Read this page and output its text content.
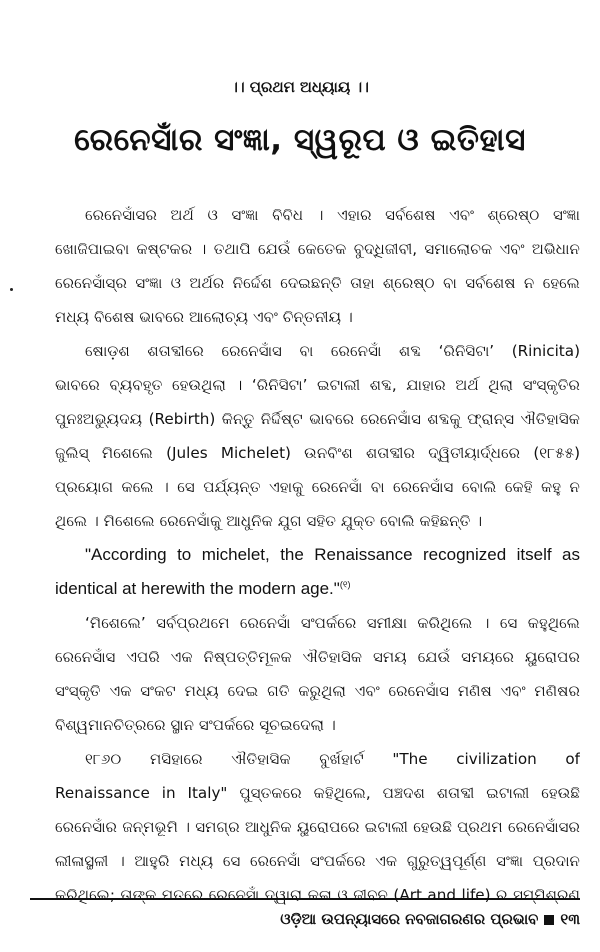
।। ପ୍ରଥମ ଅଧ୍ୟାୟ ।।
ରେନେସାଁର ସଂଜ୍ଞା, ସ୍ୱରୂପ ଓ ଇତିହାସ
ରେନେସାଁସର ଅର୍ଥ ଓ ସଂଜ୍ଞା ବିବିଧ । ଏହାର ସର୍ବଶେଷ ଏବଂ ଶ୍ରେଷ୍ଠ ସଂଜ୍ଞା
ଖୋଜିପାଇବା କଷ୍ଟକର । ତଥାପି ଯେଉଁ କେତେକ ବୁଦ୍ଧିଜୀବୀ, ସମାଲୋଚକ ଏବଂ ଅଭିଧାନ
ରେନେସାଁସ୍‌ର ସଂଜ୍ଞା ଓ ଅର୍ଥର ନିର୍ଦ୍ଦେଶ ଦେଇଛନ୍ତି ତାହା ଶ୍ରେଷ୍ଠ ବା ସର୍ବଶେଷ ନ ହେଲେ
ମଧ୍ୟ ବିଶେଷ ଭାବରେ ଆଲୋଚ୍ୟ ଏବଂ ଚିନ୍ତନୀୟ ।
ଷୋଡ଼ଶ ଶତାବ୍ଦୀରେ ରେନେସାଁସ ବା ରେନେସାଁ ଶବ୍ଦ ‘ରିନିସିଟା’ (Rinicita)
ଭାବରେ ବ୍ୟବହୃତ ହେଉଥିଲା । ‘ରିନିସିଟା’ ଇଟାଲୀ ଶବ୍ଦ, ଯାହାର ଅର୍ଥ ଥିଲା ସଂସ୍କୃତିର
ପୁନଃଅଭ୍ୟୁଦୟ (Rebirth) କିନ୍ତୁ ନିର୍ଦ୍ଦିଷ୍ଟ ଭାବରେ ରେନେସାଁସ ଶବ୍ଦକୁ ଫ୍ରାନ୍ସ ଐତିହାସିକ
ଜୁଲିସ୍ ମିଶେଲେ (Jules Michelet) ଉନବିଂଶ ଶତାବ୍ଦୀର ଦ୍ୱିତୀୟାର୍ଦ୍ଧରେ (୧୮୫୫)
ପ୍ରୟୋଗ କଲେ । ସେ ପର୍ଯ୍ୟନ୍ତ ଏହାକୁ ରେନେସାଁ ବା ରେନେସାଁସ ବୋଲି କେହି କହୁ ନ
ଥିଲେ । ମିଶେଲେ ରେନେସାଁକୁ ଆଧୁନିକ ଯୁଗ ସହିତ ଯୁକ୍ତ ବୋଲି କହିଛନ୍ତି ।
"According to michelet, the Renaissance recognized itself as
identical at herewith the modern age."$^{(୧)}$
‘ମିଶେଲେ’ ସର୍ବପ୍ରଥମେ ରେନେସାଁ ସଂପର୍କରେ ସମୀକ୍ଷା କରିଥିଲେ । ସେ କହୁଥିଲେ
ରେନେସାଁସ ଏପରି ଏକ ନିଷ୍ପତ୍ତିମୂଳକ ଐତିହାସିକ ସମୟ ଯେଉଁ ସମୟରେ ୟୁରୋପର
ସଂସ୍କୃତି ଏକ ସଂକଟ ମଧ୍ୟ ଦେଇ ଗତି କରୁଥିଲା ଏବଂ ରେନେସାଁସ ମଣିଷ ଏବଂ ମଣିଷର
ବିଶ୍ୱମାନଚିତ୍ରରେ ସ୍ଥାନ ସଂପର୍କରେ ସୂଚଇଦେଲା ।
୧୮୬୦ ମସିହାରେ ଐତିହାସିକ ବୁର୍ଖହାର୍ଟ "The civilization of
Renaissance in Italy" ପୁସ୍ତକରେ କହିଥିଲେ, ପଞ୍ଚଦଶ ଶତାବ୍ଦୀ ଇଟାଲୀ ହେଉଛି
ରେନେସାଁର ଜନ୍ମଭୂମି । ସମଗ୍ର ଆଧୁନିକ ୟୁରୋପରେ ଇଟାଲୀ ହେଉଛି ପ୍ରଥମ ରେନେସାଁସର
ଲୀଳାସ୍ଥଳୀ । ଆହୁରି ମଧ୍ୟ ସେ ରେନେସାଁ ସଂପର୍କରେ ଏକ ଗୁରୁତ୍ୱପୂର୍ଣ୍ଣ ସଂଜ୍ଞା ପ୍ରଦାନ
କରିଥିଲେ; ତାଙ୍କ ମତରେ ରେନେସାଁ ଦ୍ୱାରା କଳା ଓ ଜୀବନ (Art and life) ର ସମ୍ମିଶ୍ରଣ
ଓଡ଼ିଆ ଉପନ୍ୟାସରେ ନବଜାଗରଣର ପ୍ରଭାବ ୧୩
